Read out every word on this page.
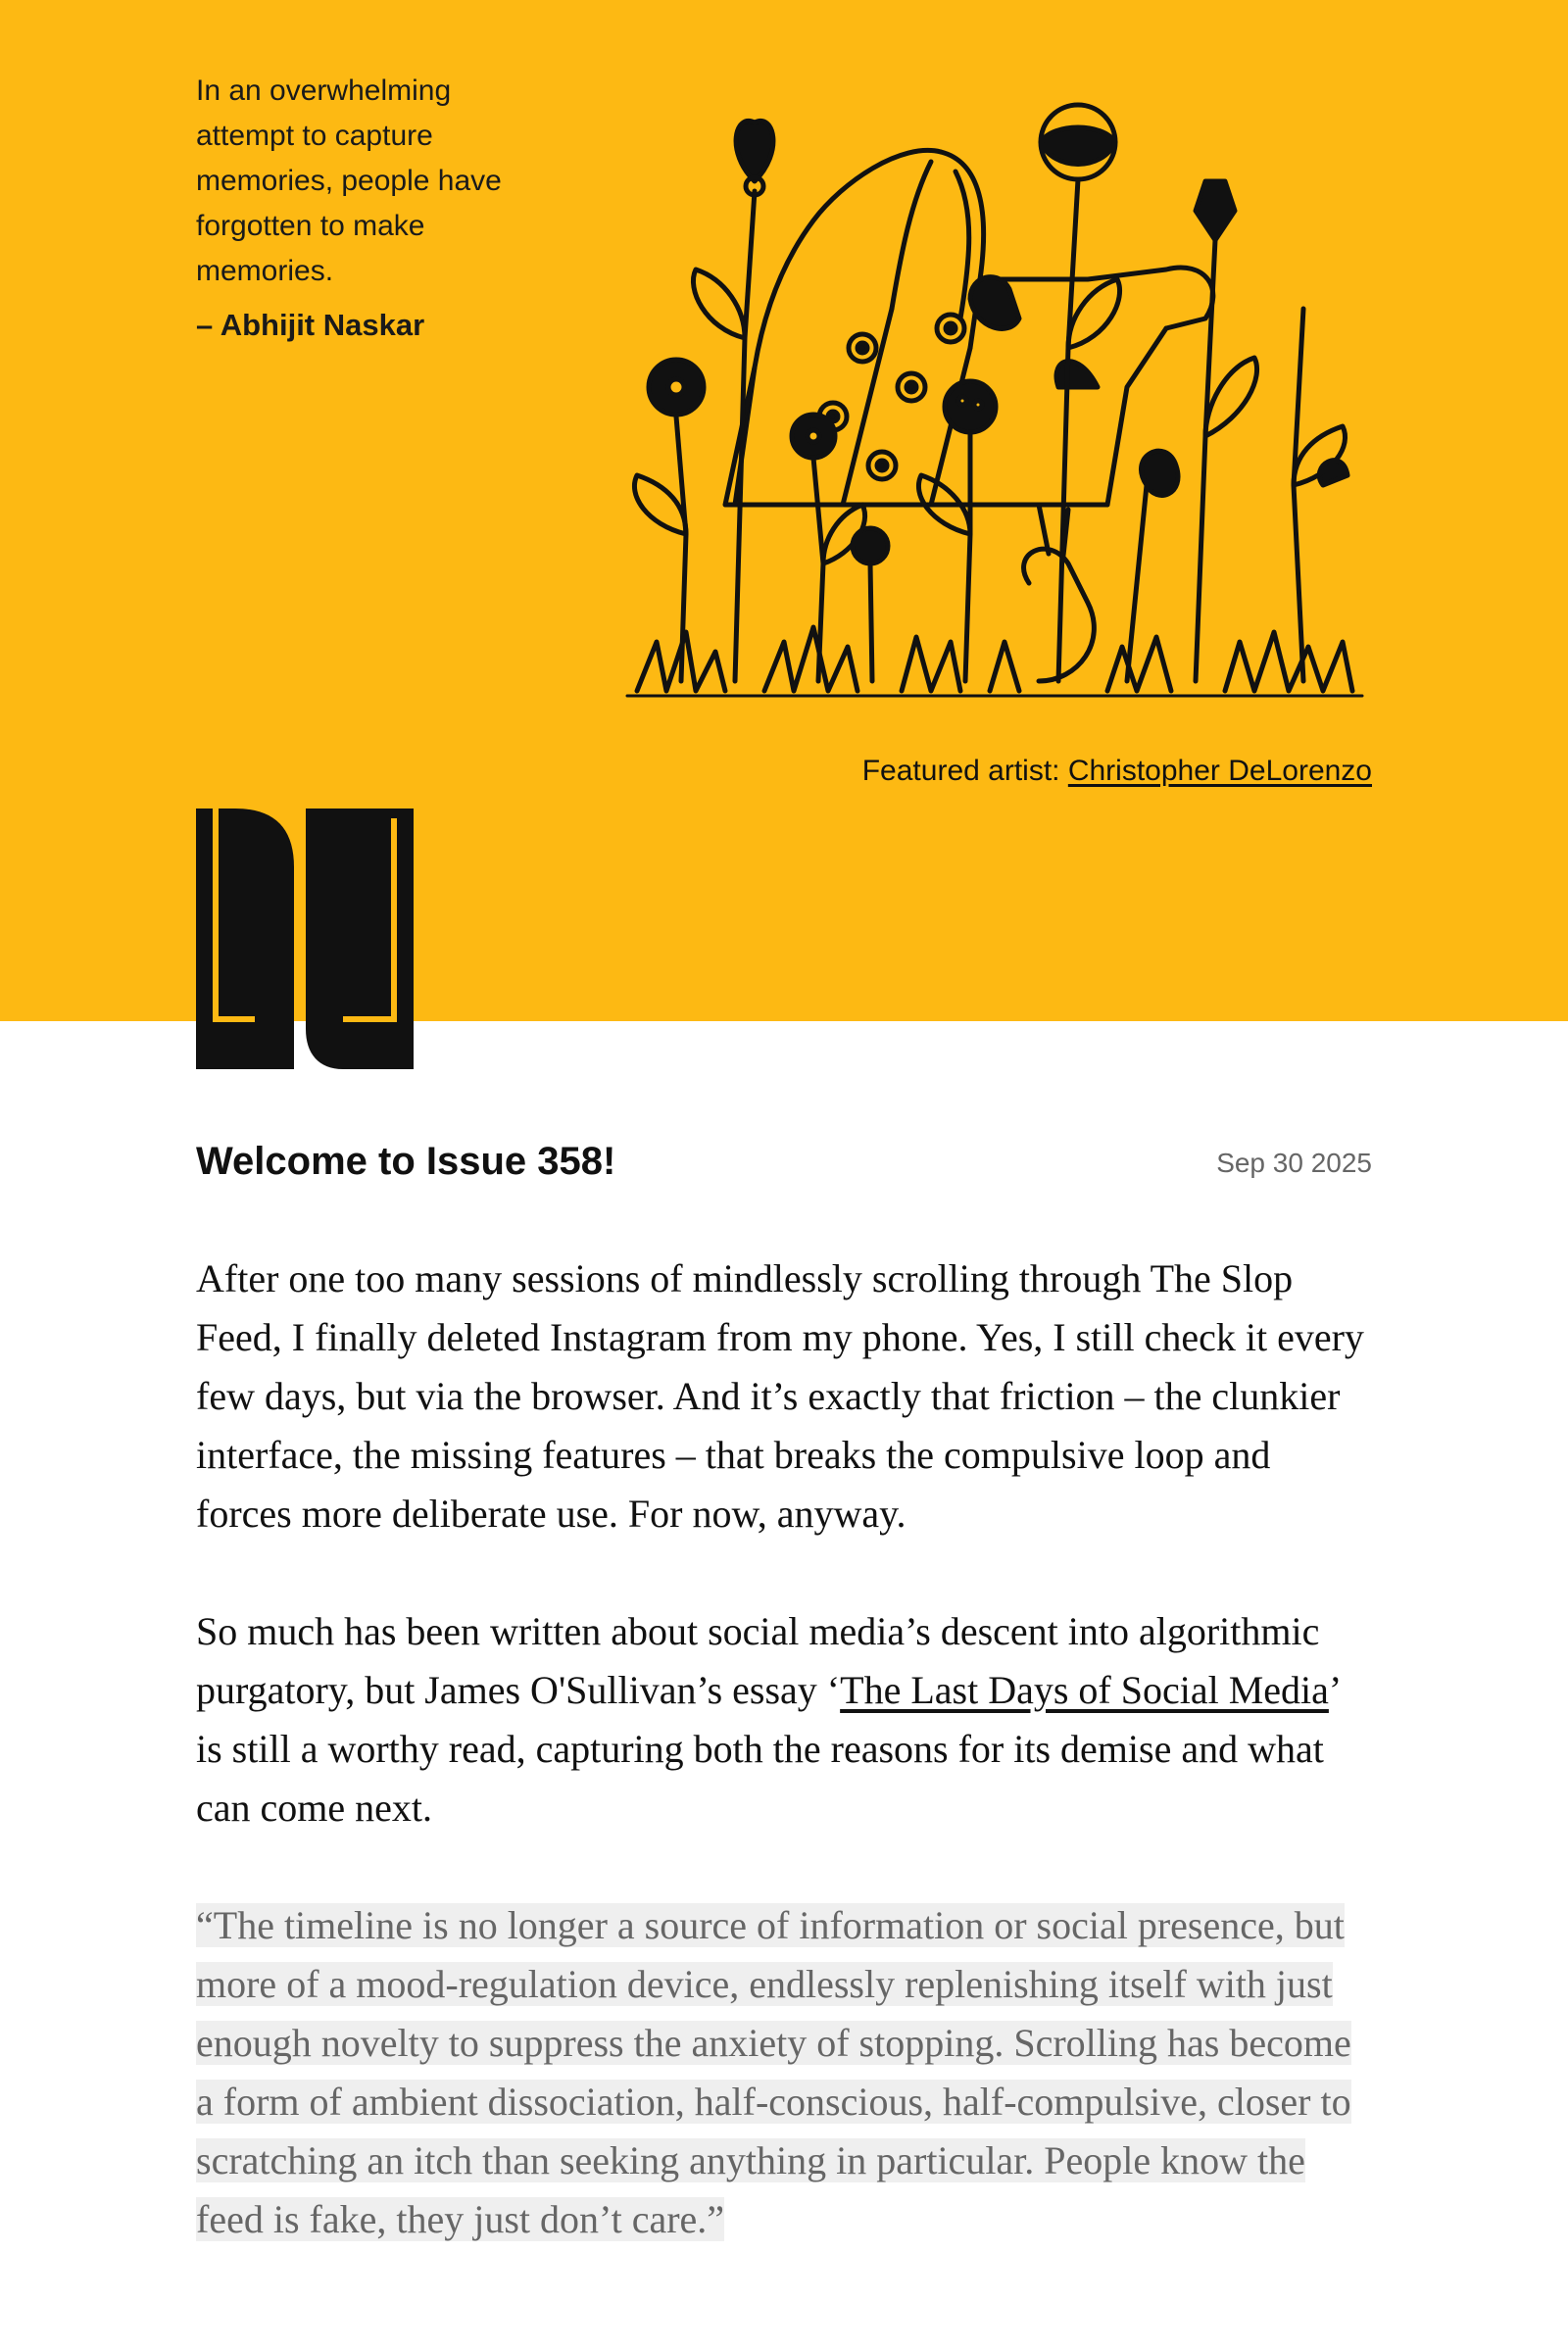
In an overwhelming attempt to capture memories, people have forgotten to make memories.

– Abhijit Naskar
Featured artist: Christopher DeLorenzo
Welcome to Issue 358!	Sep 30 2025

After one too many sessions of mindlessly scrolling through The Slop Feed, I finally deleted Instagram from my phone. Yes, I still check it every few days, but via the browser. And it’s exactly that friction – the clunkier interface, the missing features – that breaks the compulsive loop and forces more deliberate use. For now, anyway.

So much has been written about social media’s descent into algorithmic purgatory, but James O'Sullivan’s essay ‘The Last Days of Social Media’ is still a worthy read, capturing both the reasons for its demise and what can come next.

“The timeline is no longer a source of information or social presence, but more of a mood-regulation device, endlessly replenishing itself with just enough novelty to suppress the anxiety of stopping. Scrolling has become a form of ambient dissociation, half-conscious, half-compulsive, closer to scratching an itch than seeking anything in particular. People know the feed is fake, they just don’t care.”
